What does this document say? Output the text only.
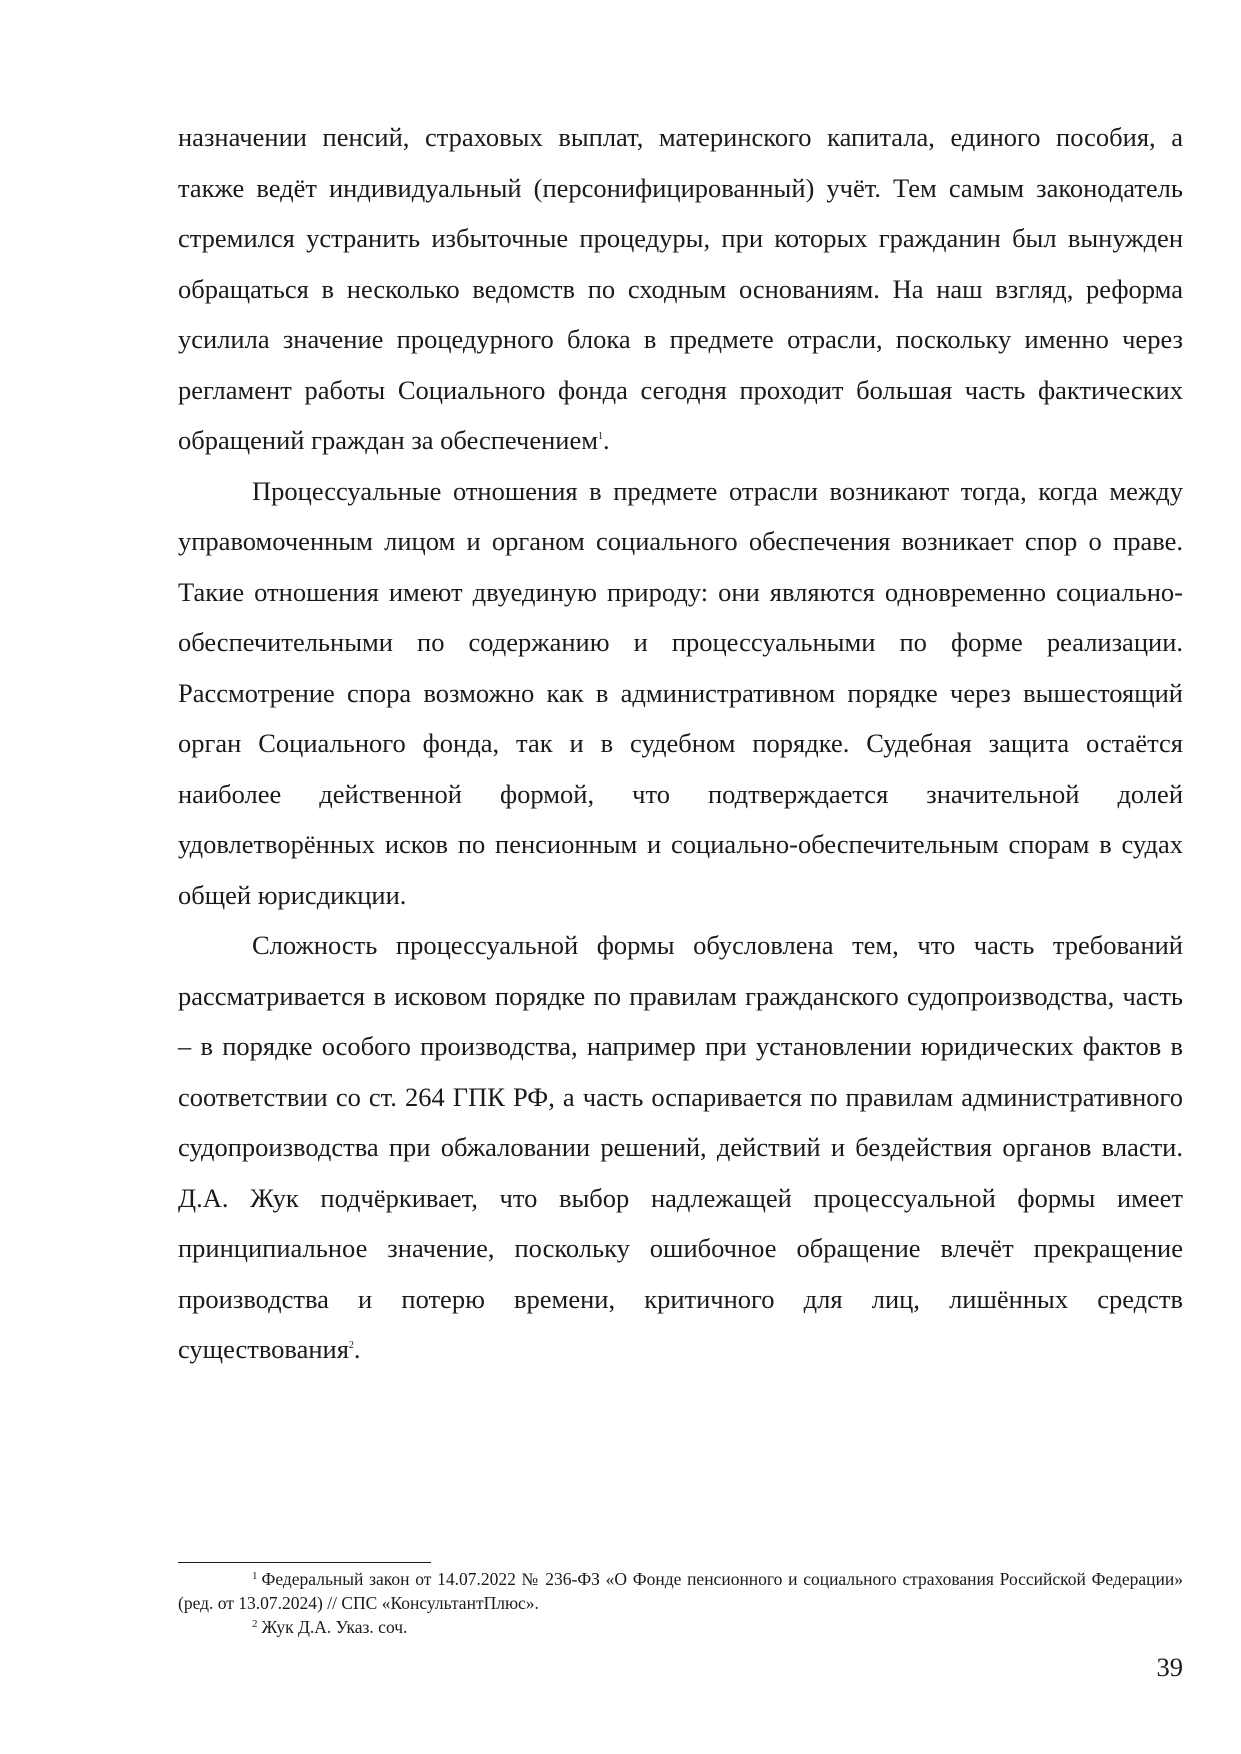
назначении пенсий, страховых выплат, материнского капитала, единого пособия, а также ведёт индивидуальный (персонифицированный) учёт. Тем самым законодатель стремился устранить избыточные процедуры, при которых гражданин был вынужден обращаться в несколько ведомств по сходным основаниям. На наш взгляд, реформа усилила значение процедурного блока в предмете отрасли, поскольку именно через регламент работы Социального фонда сегодня проходит большая часть фактических обращений граждан за обеспечением$^1$.

Процессуальные отношения в предмете отрасли возникают тогда, когда между управомоченным лицом и органом социального обеспечения возникает спор о праве. Такие отношения имеют двуединую природу: они являются одновременно социально-обеспечительными по содержанию и процессуальными по форме реализации. Рассмотрение спора возможно как в административном порядке через вышестоящий орган Социального фонда, так и в судебном порядке. Судебная защита остаётся наиболее действенной формой, что подтверждается значительной долей удовлетворённых исков по пенсионным и социально-обеспечительным спорам в судах общей юрисдикции.

Сложность процессуальной формы обусловлена тем, что часть требований рассматривается в исковом порядке по правилам гражданского судопроизводства, часть – в порядке особого производства, например при установлении юридических фактов в соответствии со ст. 264 ГПК РФ, а часть оспаривается по правилам административного судопроизводства при обжаловании решений, действий и бездействия органов власти. Д.А. Жук подчёркивает, что выбор надлежащей процессуальной формы имеет принципиальное значение, поскольку ошибочное обращение влечёт прекращение производства и потерю времени, критичного для лиц, лишённых средств существования$^2$.

$^1$ Федеральный закон от 14.07.2022 № 236-ФЗ «О Фонде пенсионного и социального страхования Российской Федерации» (ред. от 13.07.2024) // СПС «КонсультантПлюс».

$^2$ Жук Д.А. Указ. соч.

39
